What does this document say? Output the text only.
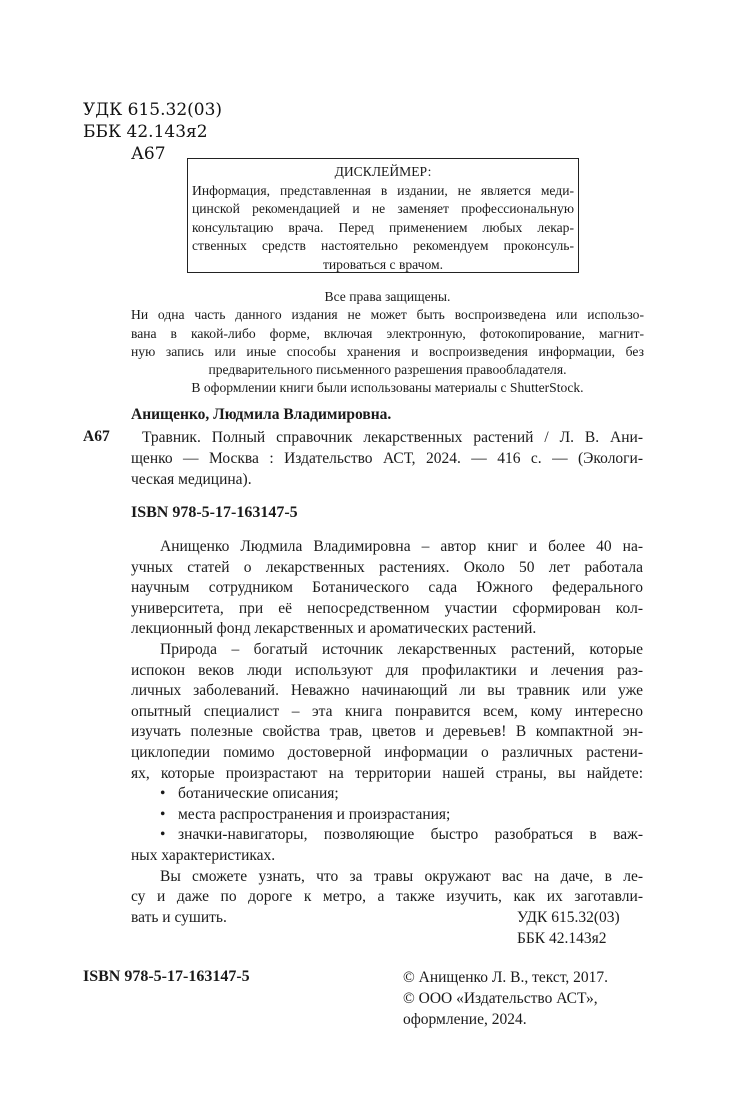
УДК 615.32(03)
ББК 42.143я2
А67
ДИСКЛЕЙМЕР:
Информация, представленная в издании, не является меди-
цинской рекомендацией и не заменяет профессиональную
консультацию врача. Перед применением любых лекар-
ственных средств настоятельно рекомендуем проконсуль-
тироваться с врачом.
Все права защищены.
Ни одна часть данного издания не может быть воспроизведена или использо-
вана в какой-либо форме, включая электронную, фотокопирование, магнит-
ную запись или иные способы хранения и воспроизведения информации, без
предварительного письменного разрешения правообладателя.
В оформлении книги были использованы материалы с ShutterStock.
Анищенко, Людмила Владимировна.
А67	Травник. Полный справочник лекарственных растений / Л. В. Ани-
щенко — Москва : Издательство АСТ, 2024. — 416 с. — (Экологи-
ческая медицина).
ISBN 978-5-17-163147-5
Анищенко Людмила Владимировна – автор книг и более 40 на-
учных статей о лекарственных растениях. Около 50 лет работала
научным сотрудником Ботанического сада Южного федерального
университета, при её непосредственном участии сформирован кол-
лекционный фонд лекарственных и ароматических растений.
Природа – богатый источник лекарственных растений, которые
испокон веков люди используют для профилактики и лечения раз-
личных заболеваний. Неважно начинающий ли вы травник или уже
опытный специалист – эта книга понравится всем, кому интересно
изучать полезные свойства трав, цветов и деревьев! В компактной эн-
циклопедии помимо достоверной информации о различных растени-
ях, которые произрастают на территории нашей страны, вы найдете:
• ботанические описания;
• места распространения и произрастания;
• значки-навигаторы, позволяющие быстро разобраться в важ-
ных характеристиках.
Вы сможете узнать, что за травы окружают вас на даче, в ле-
су и даже по дороге к метро, а также изучить, как их заготавли-
вать и сушить.	УДК 615.32(03)
ББК 42.143я2
ISBN 978-5-17-163147-5	© Анищенко Л. В., текст, 2017.
© ООО «Издательство АСТ»,
оформление, 2024.
